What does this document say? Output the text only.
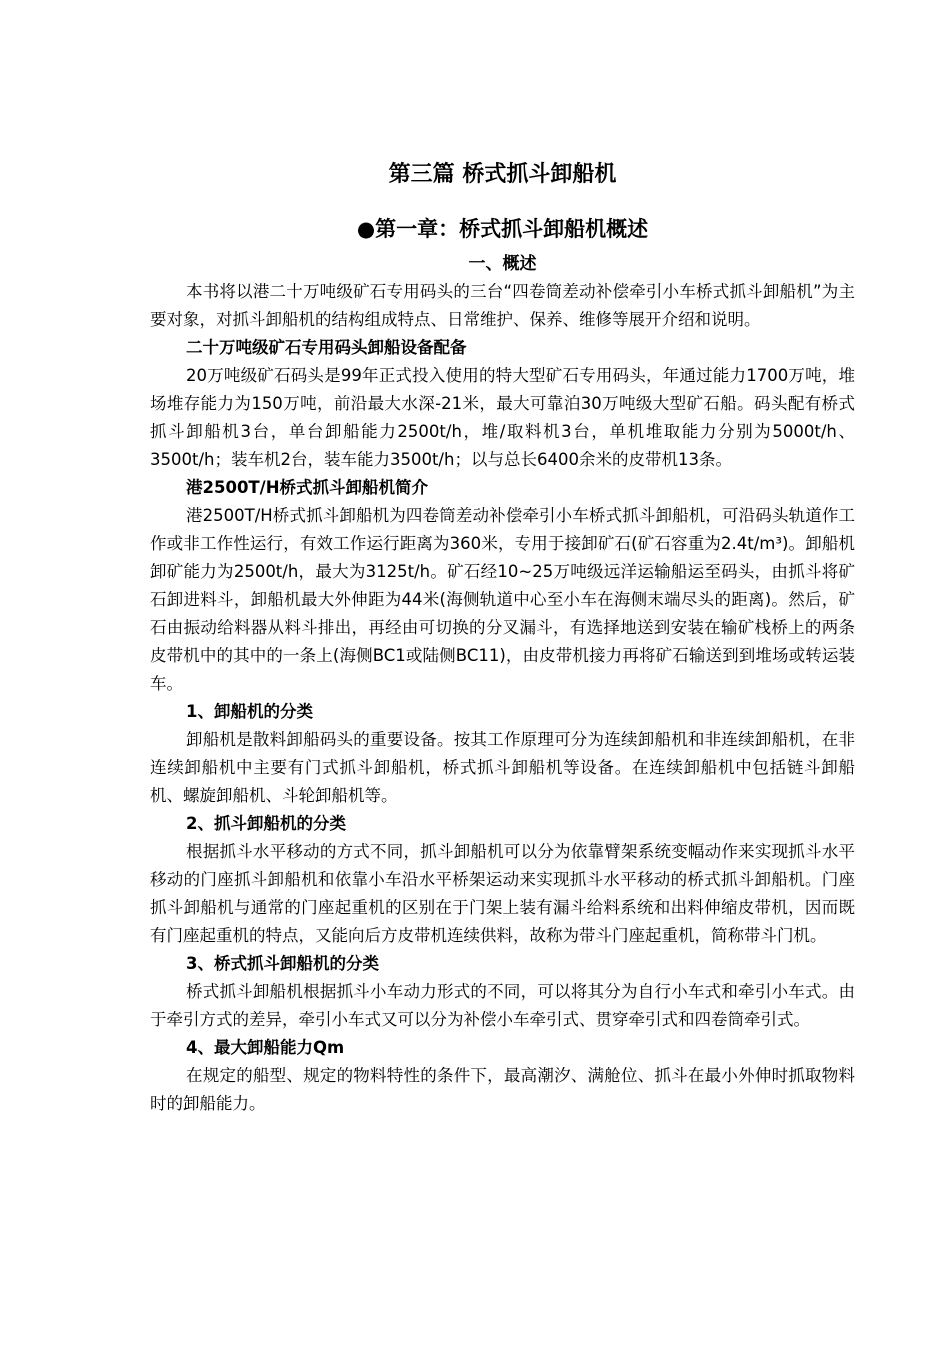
第三篇 桥式抓斗卸船机
●第一章：桥式抓斗卸船机概述
一、概述

本书将以港二十万吨级矿石专用码头的三台“四卷筒差动补偿牵引小车桥式抓斗卸船机”为主要对象，对抓斗卸船机的结构组成特点、日常维护、保养、维修等展开介绍和说明。

二十万吨级矿石专用码头卸船设备配备

20万吨级矿石码头是99年正式投入使用的特大型矿石专用码头，年通过能力1700万吨，堆场堆存能力为150万吨，前沿最大水深-21米，最大可靠泊30万吨级大型矿石船。码头配有桥式抓斗卸船机3台，单台卸船能力2500t/h，堆/取料机3台，单机堆取能力分别为5000t/h、3500t/h；装车机2台，装车能力3500t/h；以与总长6400余米的皮带机13条。

港2500T/H桥式抓斗卸船机简介

港2500T/H桥式抓斗卸船机为四卷筒差动补偿牵引小车桥式抓斗卸船机，可沿码头轨道作工作或非工作性运行，有效工作运行距离为360米，专用于接卸矿石(矿石容重为2.4t/m³)。卸船机卸矿能力为2500t/h，最大为3125t/h。矿石经10~25万吨级远洋运输船运至码头，由抓斗将矿石卸进料斗，卸船机最大外伸距为44米(海侧轨道中心至小车在海侧末端尽头的距离)。然后，矿石由振动给料器从料斗排出，再经由可切换的分叉漏斗，有选择地送到安装在输矿栈桥上的两条皮带机中的其中的一条上(海侧BC1或陆侧BC11)，由皮带机接力再将矿石输送到到堆场或转运装车。

1、卸船机的分类

卸船机是散料卸船码头的重要设备。按其工作原理可分为连续卸船机和非连续卸船机，在非连续卸船机中主要有门式抓斗卸船机，桥式抓斗卸船机等设备。在连续卸船机中包括链斗卸船机、螺旋卸船机、斗轮卸船机等。

2、抓斗卸船机的分类

根据抓斗水平移动的方式不同，抓斗卸船机可以分为依靠臂架系统变幅动作来实现抓斗水平移动的门座抓斗卸船机和依靠小车沿水平桥架运动来实现抓斗水平移动的桥式抓斗卸船机。门座抓斗卸船机与通常的门座起重机的区别在于门架上装有漏斗给料系统和出料伸缩皮带机，因而既有门座起重机的特点，又能向后方皮带机连续供料，故称为带斗门座起重机，简称带斗门机。

3、桥式抓斗卸船机的分类

桥式抓斗卸船机根据抓斗小车动力形式的不同，可以将其分为自行小车式和牵引小车式。由于牵引方式的差异，牵引小车式又可以分为补偿小车牵引式、贯穿牵引式和四卷筒牵引式。

4、最大卸船能力Qm

在规定的船型、规定的物料特性的条件下，最高潮汐、满舱位、抓斗在最小外伸时抓取物料时的卸船能力。
